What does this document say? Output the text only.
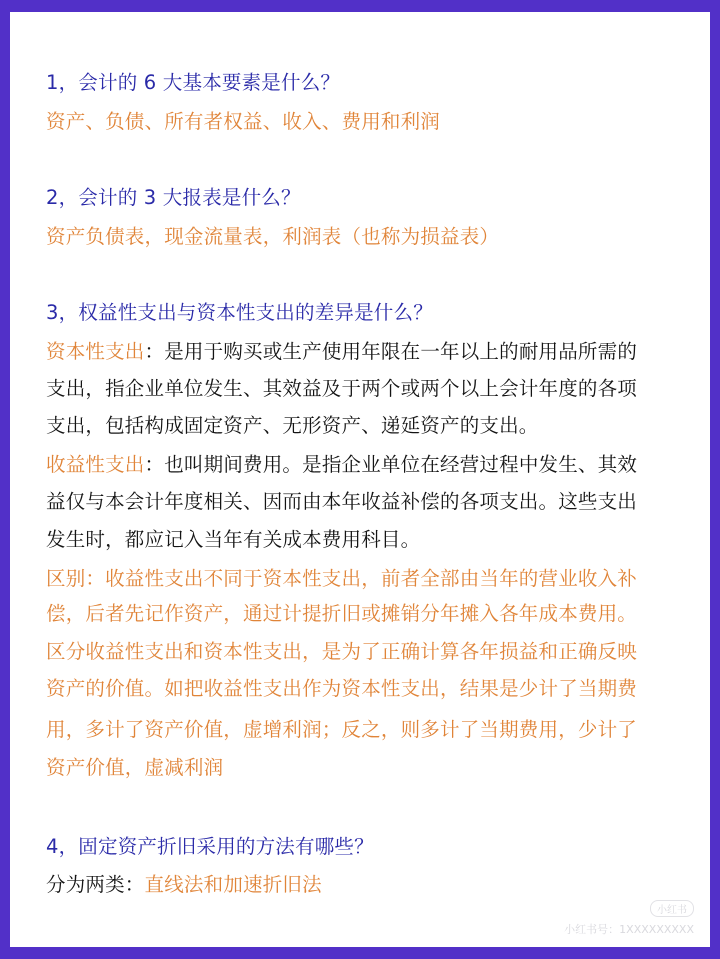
1，会计的 6 大基本要素是什么？
资产、负债、所有者权益、收入、费用和利润
2，会计的 3 大报表是什么？
资产负债表，现金流量表，利润表（也称为损益表）
3，权益性支出与资本性支出的差异是什么？
资本性支出：是用于购买或生产使用年限在一年以上的耐用品所需的
支出，指企业单位发生、其效益及于两个或两个以上会计年度的各项
支出，包括构成固定资产、无形资产、递延资产的支出。
收益性支出：也叫期间费用。是指企业单位在经营过程中发生、其效
益仅与本会计年度相关、因而由本年收益补偿的各项支出。这些支出
发生时，都应记入当年有关成本费用科目。
区别：收益性支出不同于资本性支出，前者全部由当年的营业收入补
偿，后者先记作资产，通过计提折旧或摊销分年摊入各年成本费用。
区分收益性支出和资本性支出，是为了正确计算各年损益和正确反映
资产的价值。如把收益性支出作为资本性支出，结果是少计了当期费
用，多计了资产价值，虚增利润；反之，则多计了当期费用，少计了
资产价值，虚减利润
4，固定资产折旧采用的方法有哪些？
分为两类：直线法和加速折旧法
小红书
小红书号：1XXXXXXXXX
